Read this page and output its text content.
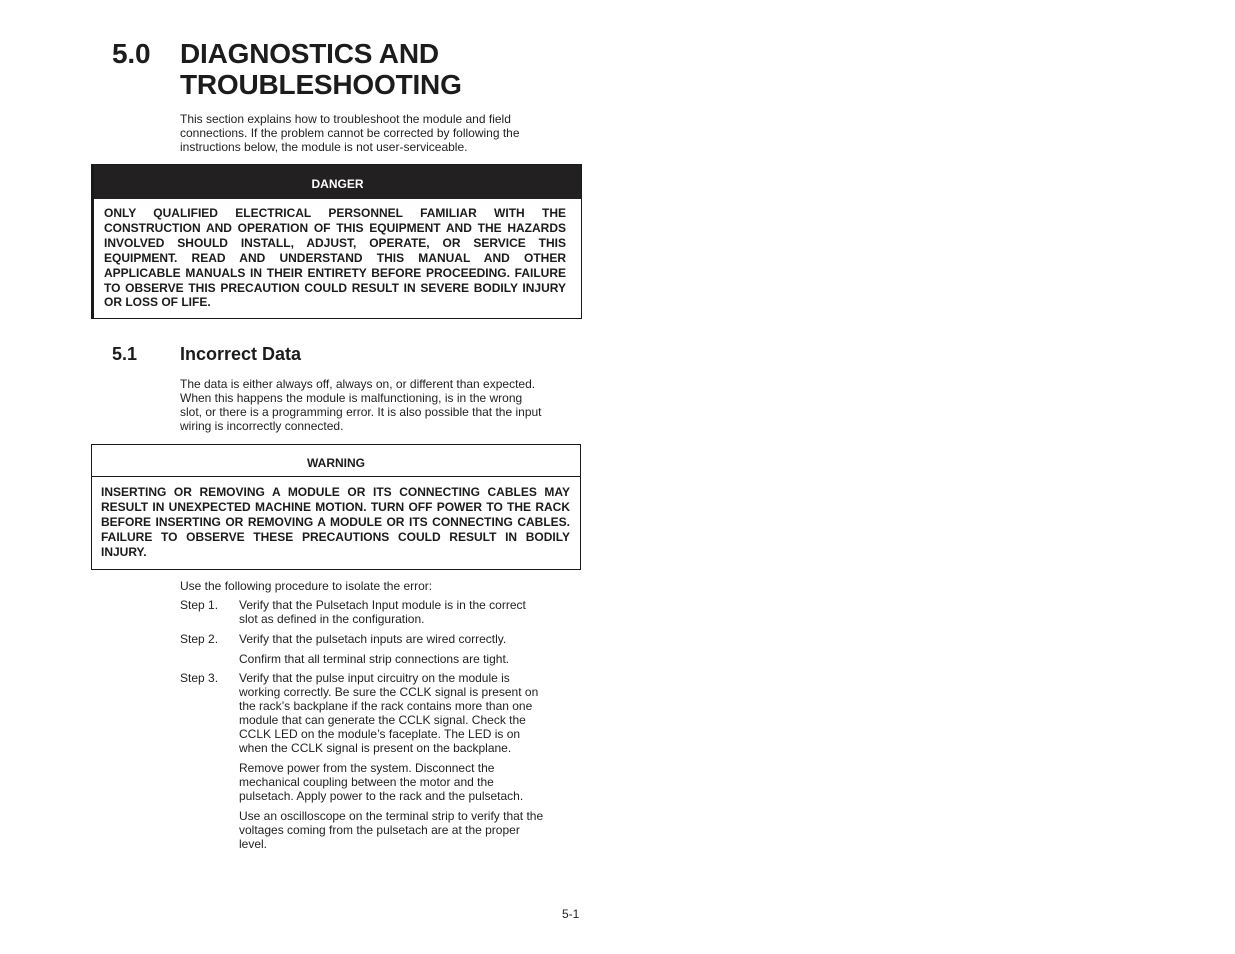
5.0 DIAGNOSTICS AND
TROUBLESHOOTING
This section explains how to troubleshoot the module and field
connections. If the problem cannot be corrected by following the
instructions below, the module is not user-serviceable.
DANGER
ONLY QUALIFIED ELECTRICAL PERSONNEL FAMILIAR WITH THE
CONSTRUCTION AND OPERATION OF THIS EQUIPMENT AND THE HAZARDS
INVOLVED SHOULD INSTALL, ADJUST, OPERATE, OR SERVICE THIS
EQUIPMENT. READ AND UNDERSTAND THIS MANUAL AND OTHER
APPLICABLE MANUALS IN THEIR ENTIRETY BEFORE PROCEEDING. FAILURE
TO OBSERVE THIS PRECAUTION COULD RESULT IN SEVERE BODILY INJURY
OR LOSS OF LIFE.
5.1 Incorrect Data
The data is either always off, always on, or different than expected.
When this happens the module is malfunctioning, is in the wrong
slot, or there is a programming error. It is also possible that the input
wiring is incorrectly connected.
WARNING
INSERTING OR REMOVING A MODULE OR ITS CONNECTING CABLES MAY
RESULT IN UNEXPECTED MACHINE MOTION. TURN OFF POWER TO THE RACK
BEFORE INSERTING OR REMOVING A MODULE OR ITS CONNECTING CABLES.
FAILURE TO OBSERVE THESE PRECAUTIONS COULD RESULT IN BODILY
INJURY.
Use the following procedure to isolate the error:
Step 1. Verify that the Pulsetach Input module is in the correct
slot as defined in the configuration.
Step 2. Verify that the pulsetach inputs are wired correctly.
Confirm that all terminal strip connections are tight.
Step 3. Verify that the pulse input circuitry on the module is
working correctly. Be sure the CCLK signal is present on
the rack’s backplane if the rack contains more than one
module that can generate the CCLK signal. Check the
CCLK LED on the module’s faceplate. The LED is on
when the CCLK signal is present on the backplane.
Remove power from the system. Disconnect the
mechanical coupling between the motor and the
pulsetach. Apply power to the rack and the pulsetach.
Use an oscilloscope on the terminal strip to verify that the
voltages coming from the pulsetach are at the proper
level.
5-1
